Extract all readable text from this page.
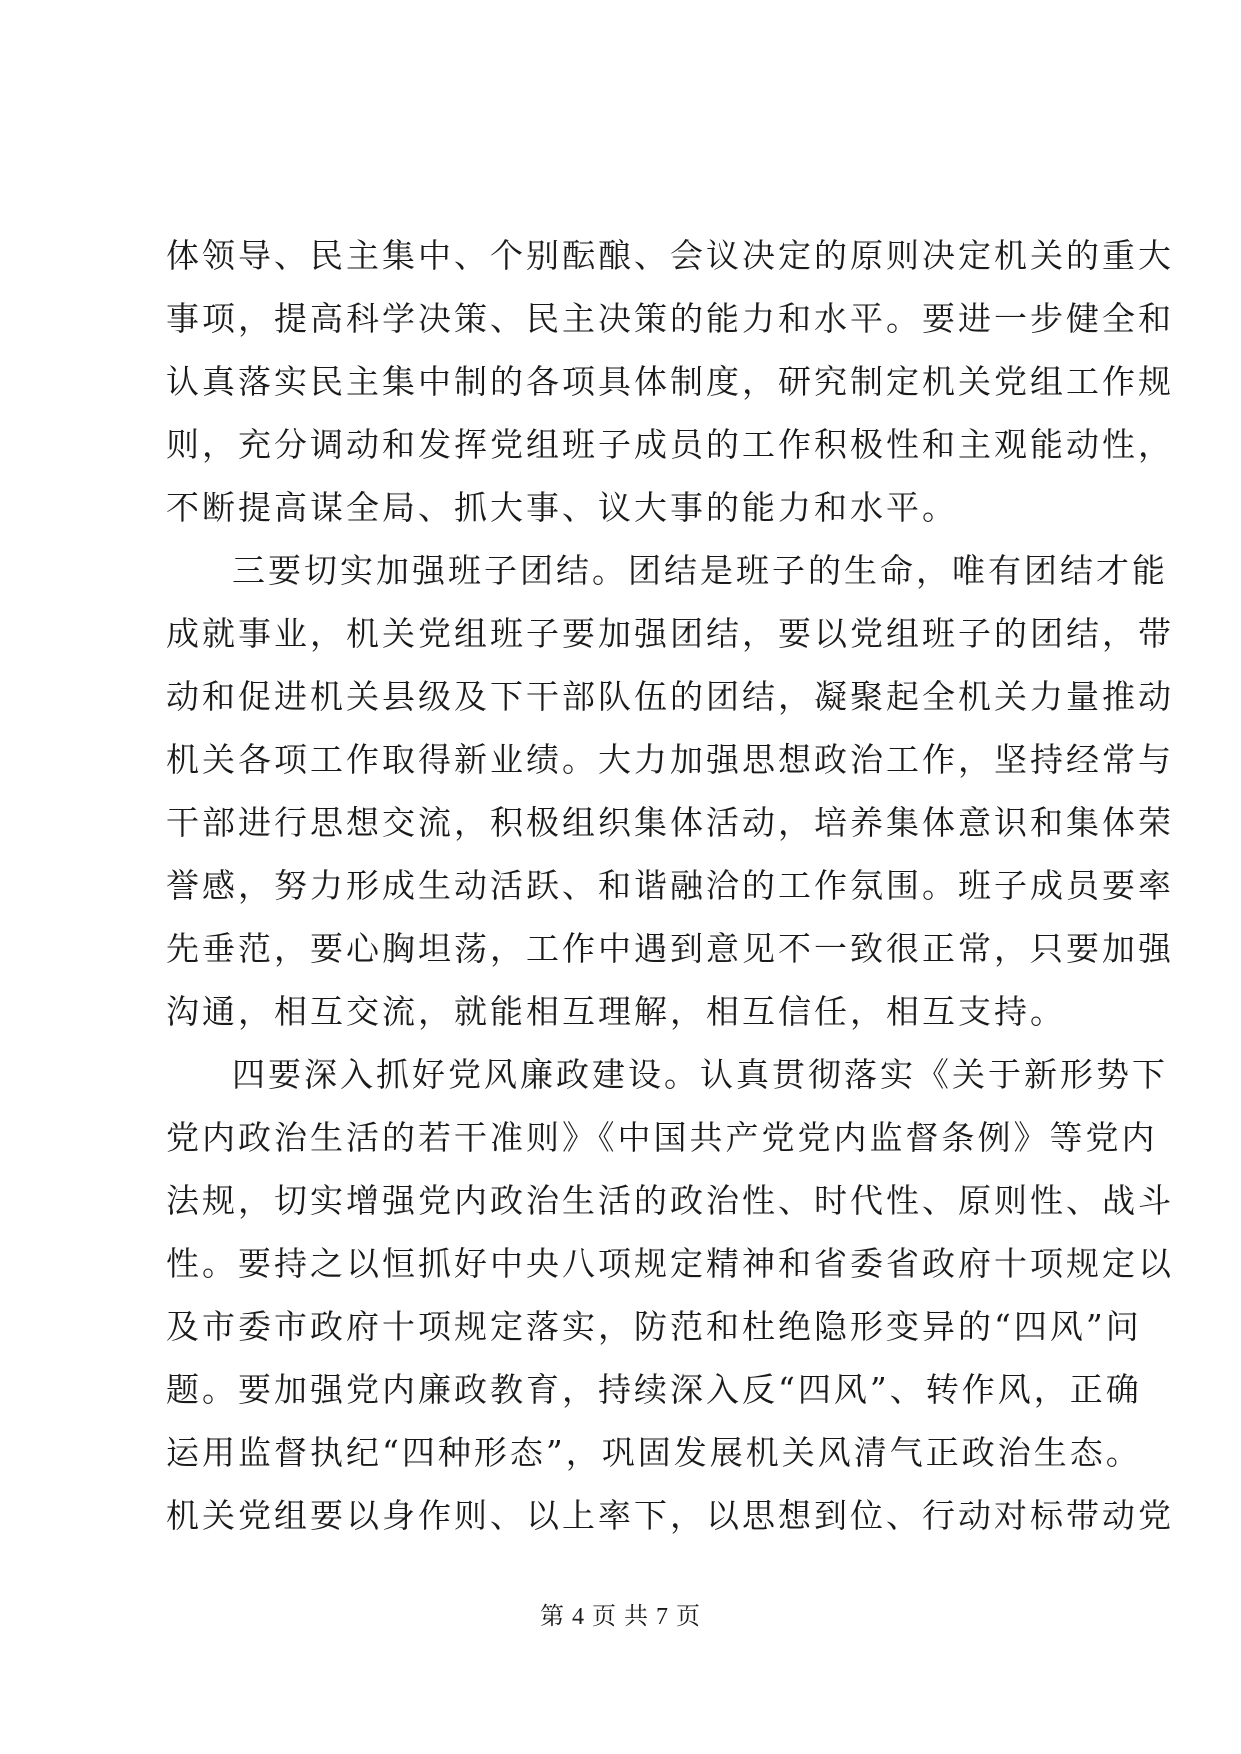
体领导、民主集中、个别酝酿、会议决定的原则决定机关的重大
事项，提高科学决策、民主决策的能力和水平。要进一步健全和
认真落实民主集中制的各项具体制度，研究制定机关党组工作规
则，充分调动和发挥党组班子成员的工作积极性和主观能动性，
不断提高谋全局、抓大事、议大事的能力和水平。
三要切实加强班子团结。团结是班子的生命，唯有团结才能
成就事业，机关党组班子要加强团结，要以党组班子的团结，带
动和促进机关县级及下干部队伍的团结，凝聚起全机关力量推动
机关各项工作取得新业绩。大力加强思想政治工作，坚持经常与
干部进行思想交流，积极组织集体活动，培养集体意识和集体荣
誉感，努力形成生动活跃、和谐融洽的工作氛围。班子成员要率
先垂范，要心胸坦荡，工作中遇到意见不一致很正常，只要加强
沟通，相互交流，就能相互理解，相互信任，相互支持。
四要深入抓好党风廉政建设。认真贯彻落实《关于新形势下
党内政治生活的若干准则》《中国共产党党内监督条例》等党内
法规，切实增强党内政治生活的政治性、时代性、原则性、战斗
性。要持之以恒抓好中央八项规定精神和省委省政府十项规定以
及市委市政府十项规定落实，防范和杜绝隐形变异的“四风”问
题。要加强党内廉政教育，持续深入反“四风”、转作风，正确
运用监督执纪“四种形态”，巩固发展机关风清气正政治生态。
机关党组要以身作则、以上率下，以思想到位、行动对标带动党
第 4 页 共 7 页
